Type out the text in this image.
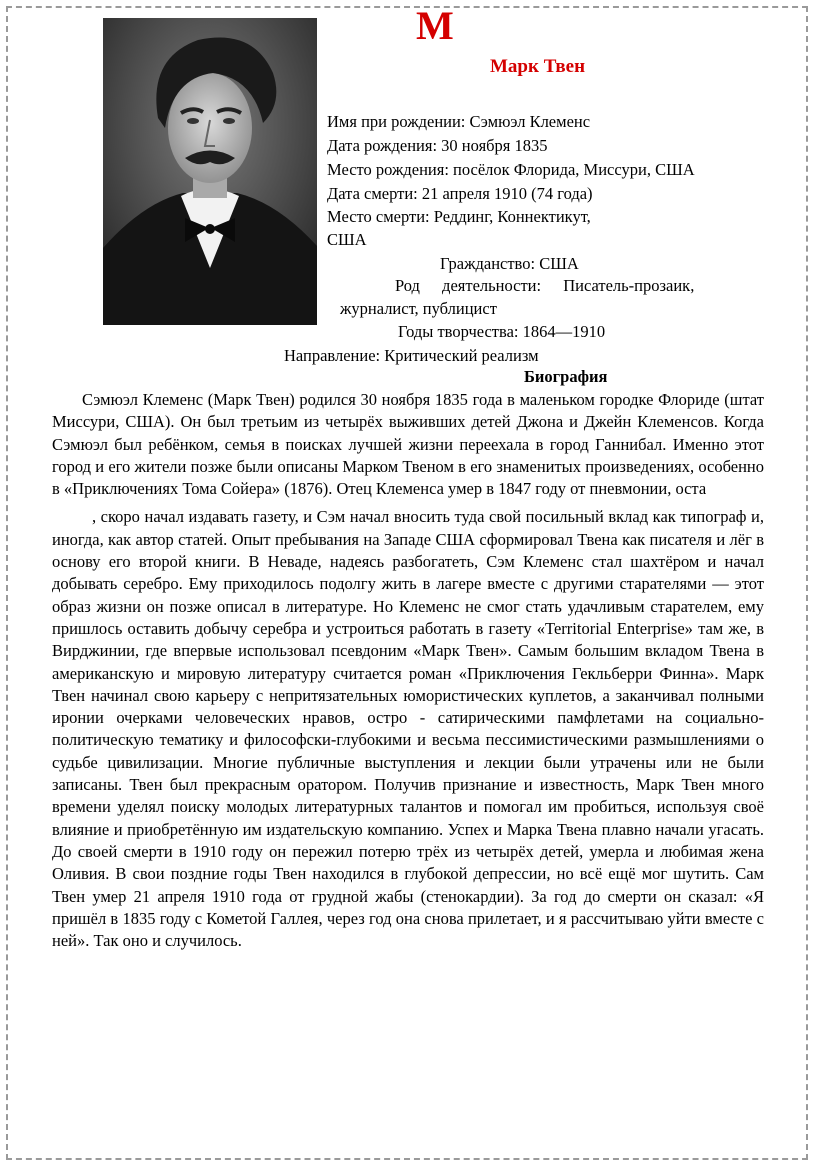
М
Марк Твен
Имя при рождении: Сэмюэл Клеменс
Дата рождения: 30 ноября 1835
Место рождения: посёлок Флорида, Миссури, США
Дата смерти: 21 апреля 1910 (74 года)
Место смерти: Реддинг, Коннектикут,
США
Гражданство: США
Род деятельности: Писатель-прозаик,
журналист, публицист
Годы творчества: 1864—1910
Направление: Критический реализм
Биография

Сэмюэл Клеменс (Марк Твен) родился 30 ноября 1835 года в маленьком городке Флориде (штат Миссури, США). Он был третьим из четырёх выживших детей Джона и Джейн Клеменсов. Когда Сэмюэл был ребёнком, семья в поисках лучшей жизни переехала в город Ганнибал. Именно этот город и его жители позже были описаны Марком Твеном в его знаменитых произведениях, особенно в «Приключениях Тома Сойера» (1876). Отец Клеменса умер в 1847 году от пневмонии, оста

, скоро начал издавать газету, и Сэм начал вносить туда свой посильный вклад как типограф и, иногда, как автор статей. Опыт пребывания на Западе США сформировал Твена как писателя и лёг в основу его второй книги. В Неваде, надеясь разбогатеть, Сэм Клеменс стал шахтёром и начал добывать серебро. Ему приходилось подолгу жить в лагере вместе с другими старателями — этот образ жизни он позже описал в литературе. Но Клеменс не смог стать удачливым старателем, ему пришлось оставить добычу серебра и устроиться работать в газету «Territorial Enterprise» там же, в Вирджинии, где впервые использовал псевдоним «Марк Твен». Самым большим вкладом Твена в американскую и мировую литературу считается роман «Приключения Гекльберри Финна». Марк Твен начинал свою карьеру с непритязательных юмористических куплетов, а заканчивал полными иронии очерками человеческих нравов, остро - сатирическими памфлетами на социально-политическую тематику и философски-глубокими и весьма пессимистическими размышлениями о судьбе цивилизации. Многие публичные выступления и лекции были утрачены или не были записаны. Твен был прекрасным оратором. Получив признание и известность, Марк Твен много времени уделял поиску молодых литературных талантов и помогал им пробиться, используя своё влияние и приобретённую им издательскую компанию. Успех и Марка Твена плавно начали угасать. До своей смерти в 1910 году он пережил потерю трёх из четырёх детей, умерла и любимая жена Оливия. В свои поздние годы Твен находился в глубокой депрессии, но всё ещё мог шутить. Сам Твен умер 21 апреля 1910 года от грудной жабы (стенокардии). За год до смерти он сказал: «Я пришёл в 1835 году с Кометой Галлея, через год она снова прилетает, и я рассчитываю уйти вместе с ней». Так оно и случилось.
